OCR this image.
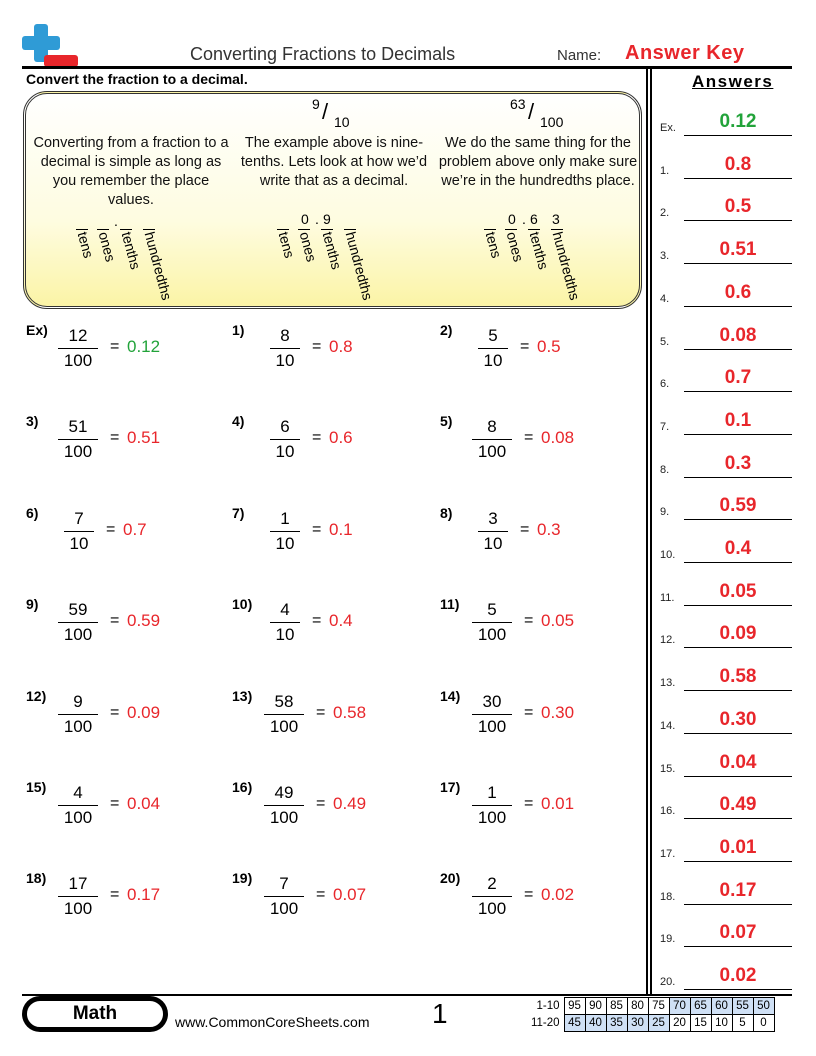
Converting Fractions to Decimals	Name: Answer Key
Convert the fraction to a decimal.	Answers
9 / 10
63 / 100
Converting from a fraction to a decimal is simple as long as you remember the place values.
The example above is nine-tenths. Lets look at how we’d write that as a decimal.
We do the same thing for the problem above only make sure we’re in the hundredths place.
.
tens
ones tenths
hundredths
0 . 9
tens
ones tenths
hundredths
0 . 6 3
tens
ones tenths
hundredths
Ex) 12
100
= 0.12
1) 8
10
= 0.8
2) 5
10
= 0.5
3) 51
100
= 0.51
4) 6
10
= 0.6
5) 8
100
= 0.08
6) 7
10
= 0.7
7) 1
10
= 0.1
8) 3
10
= 0.3
9) 59
100
= 0.59
10) 4
10
= 0.4
11) 5
100
= 0.05
12) 9
100
= 0.09
13) 58
100
= 0.58
14) 30
100
= 0.30
15) 4
100
= 0.04
16) 49
100
= 0.49
17) 1
100
= 0.01
18) 17
100
= 0.17
19) 7
100
= 0.07
20) 2
100
= 0.02
Ex.	0.12
1.	0.8
2.	0.5
3.	0.51
4.	0.6
5.	0.08
6.	0.7
7.	0.1
8.	0.3
9.	0.59
10.	0.4
11.	0.05
12.	0.09
13.	0.58
14.	0.30
15.	0.04
16.	0.49
17.	0.01
18.	0.17
19.	0.07
20.	0.02
Math	www.CommonCoreSheets.com 1	1-10	95	90	85	80	75	70	65	60	55	50
11-20	45	40	35	30	25	20	15	10	5	0
